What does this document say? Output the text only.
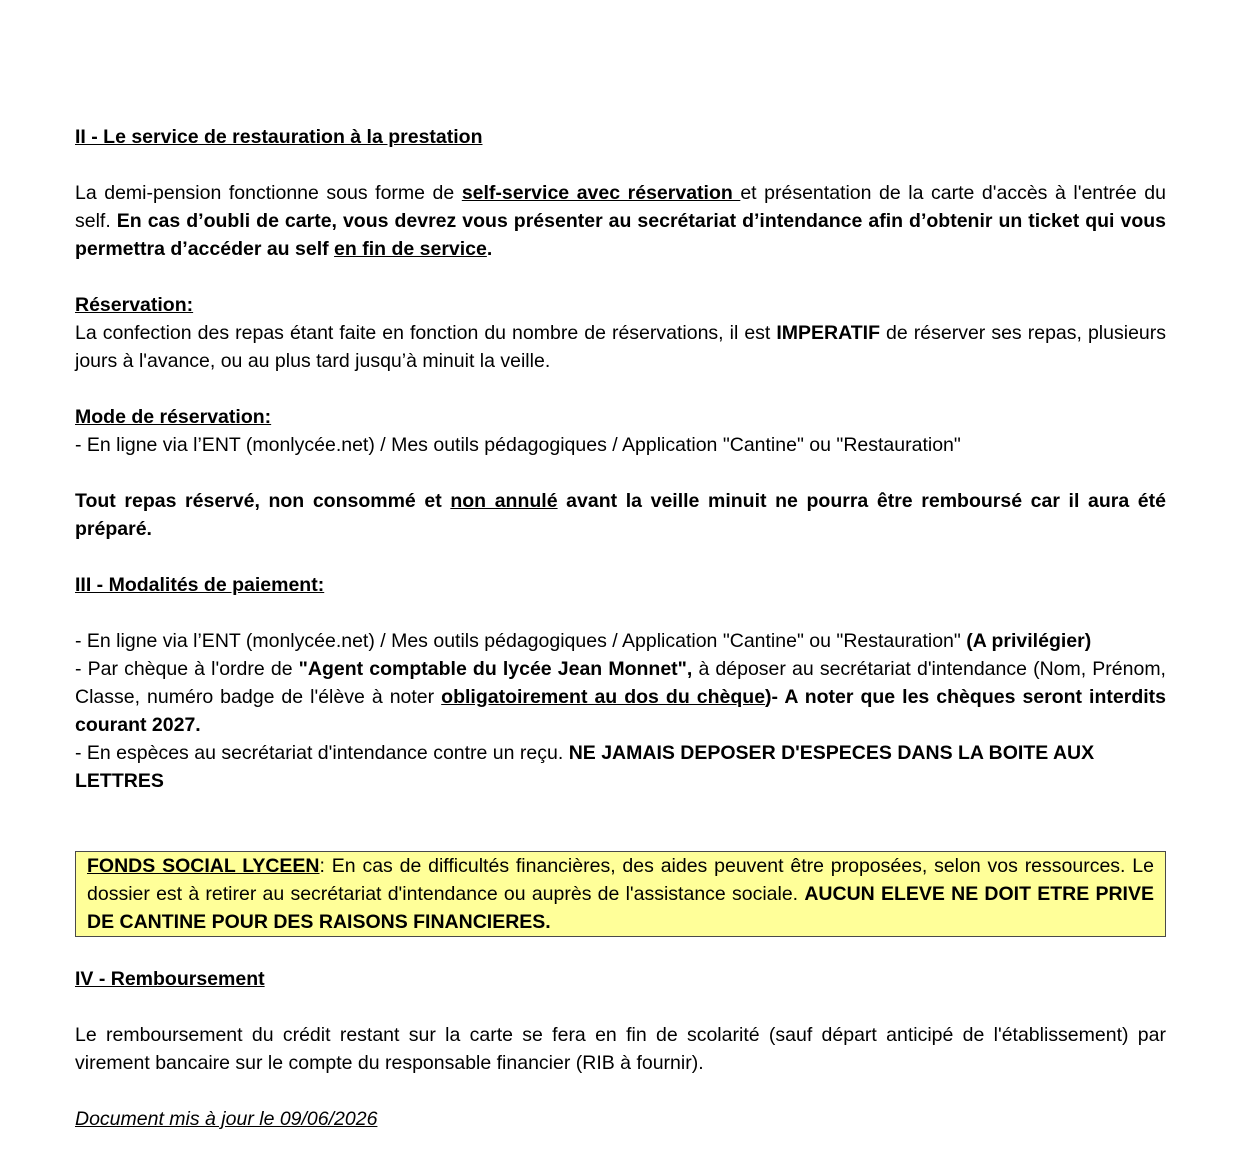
II - Le service de restauration à la prestation

La demi-pension fonctionne sous forme de self-service avec réservation et présentation de la carte d'accès à l'entrée du self. En cas d’oubli de carte, vous devrez vous présenter au secrétariat d’intendance afin d’obtenir un ticket qui vous permettra d’accéder au self en fin de service.

Réservation:

La confection des repas étant faite en fonction du nombre de réservations, il est IMPERATIF de réserver ses repas, plusieurs jours à l'avance, ou au plus tard jusqu’à minuit la veille.

Mode de réservation:

- En ligne via l’ENT (monlycée.net) / Mes outils pédagogiques / Application "Cantine" ou "Restauration"

Tout repas réservé, non consommé et non annulé avant la veille minuit ne pourra être remboursé car il aura été préparé.

III - Modalités de paiement:

- En ligne via l’ENT (monlycée.net) / Mes outils pédagogiques / Application "Cantine" ou "Restauration" (A privilégier)

- Par chèque à l'ordre de "Agent comptable du lycée Jean Monnet", à déposer au secrétariat d'intendance (Nom, Prénom, Classe, numéro badge de l'élève à noter obligatoirement au dos du chèque)- A noter que les chèques seront interdits courant 2027.

- En espèces au secrétariat d'intendance contre un reçu. NE JAMAIS DEPOSER D'ESPECES DANS LA BOITE AUX LETTRES

FONDS SOCIAL LYCEEN: En cas de difficultés financières, des aides peuvent être proposées, selon vos ressources. Le dossier est à retirer au secrétariat d'intendance ou auprès de l'assistance sociale. AUCUN ELEVE NE DOIT ETRE PRIVE DE CANTINE POUR DES RAISONS FINANCIERES.

IV - Remboursement

Le remboursement du crédit restant sur la carte se fera en fin de scolarité (sauf départ anticipé de l'établissement) par virement bancaire sur le compte du responsable financier (RIB à fournir).

Document mis à jour le 09/06/2026
